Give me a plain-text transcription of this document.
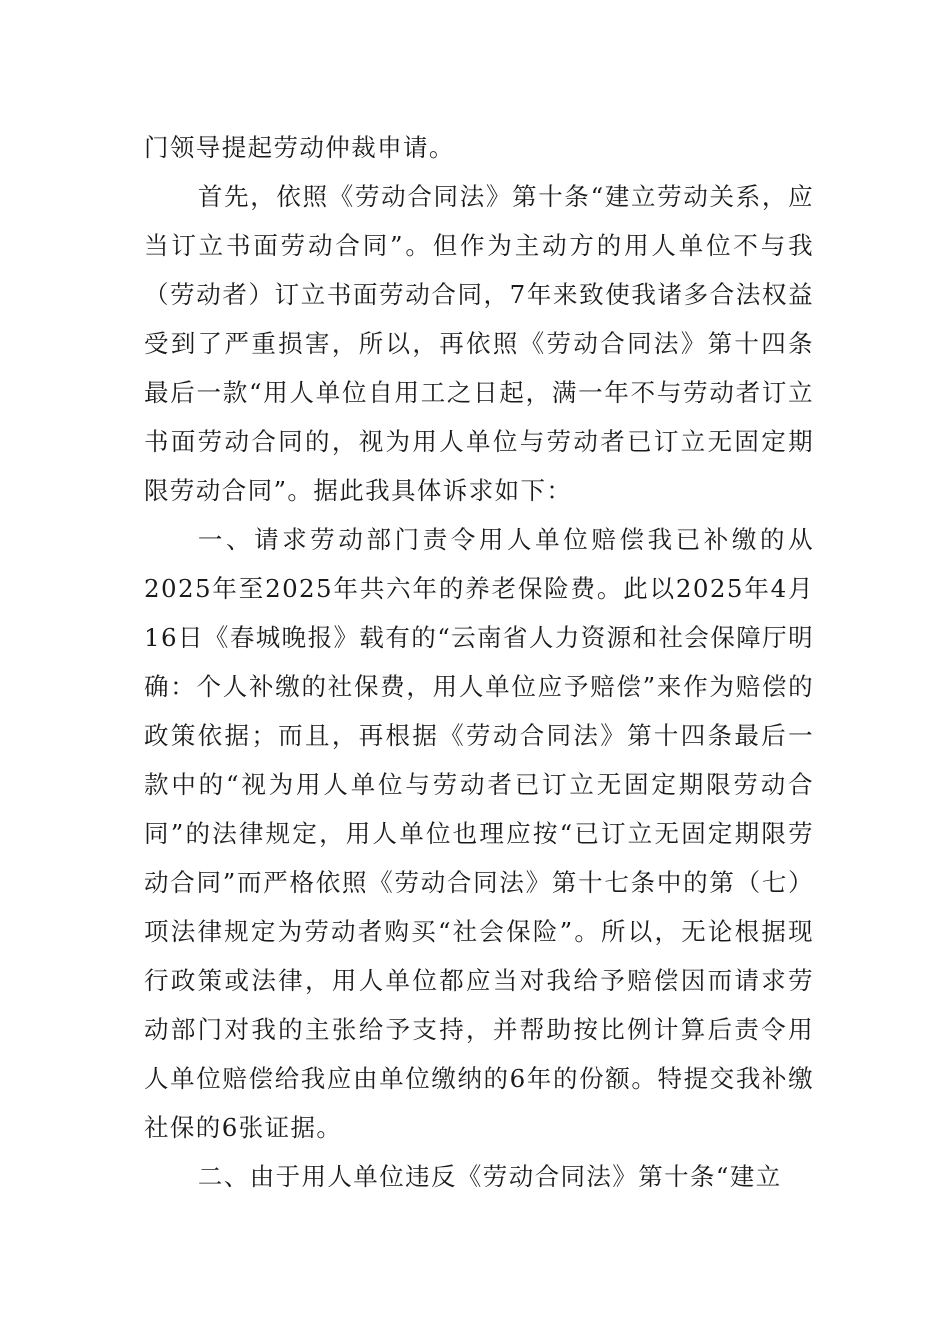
门领导提起劳动仲裁申请。

首先，依照《劳动合同法》第十条“建立劳动关系，应当订立书面劳动合同”。但作为主动方的用人单位不与我（劳动者）订立书面劳动合同，7年来致使我诸多合法权益受到了严重损害，所以，再依照《劳动合同法》第十四条最后一款“用人单位自用工之日起，满一年不与劳动者订立书面劳动合同的，视为用人单位与劳动者已订立无固定期限劳动合同”。据此我具体诉求如下：

一、请求劳动部门责令用人单位赔偿我已补缴的从2025年至2025年共六年的养老保险费。此以2025年4月16日《春城晚报》载有的“云南省人力资源和社会保障厅明确：个人补缴的社保费，用人单位应予赔偿”来作为赔偿的政策依据；而且，再根据《劳动合同法》第十四条最后一款中的“视为用人单位与劳动者已订立无固定期限劳动合同”的法律规定，用人单位也理应按“已订立无固定期限劳动合同”而严格依照《劳动合同法》第十七条中的第（七）项法律规定为劳动者购买“社会保险”。所以，无论根据现行政策或法律，用人单位都应当对我给予赔偿因而请求劳动部门对我的主张给予支持，并帮助按比例计算后责令用人单位赔偿给我应由单位缴纳的6年的份额。特提交我补缴社保的6张证据。

二、由于用人单位违反《劳动合同法》第十条“建立
